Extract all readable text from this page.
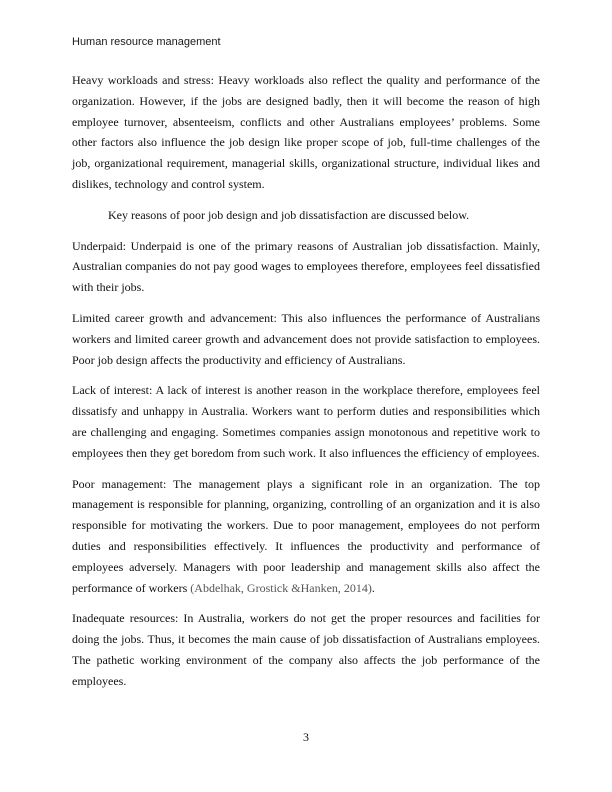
Human resource management

Heavy workloads and stress: Heavy workloads also reflect the quality and performance of the organization. However, if the jobs are designed badly, then it will become the reason of high employee turnover, absenteeism, conflicts and other Australians employees’ problems. Some other factors also influence the job design like proper scope of job, full-time challenges of the job, organizational requirement, managerial skills, organizational structure, individual likes and dislikes, technology and control system.

Key reasons of poor job design and job dissatisfaction are discussed below.

Underpaid: Underpaid is one of the primary reasons of Australian job dissatisfaction. Mainly, Australian companies do not pay good wages to employees therefore, employees feel dissatisfied with their jobs.

Limited career growth and advancement: This also influences the performance of Australians workers and limited career growth and advancement does not provide satisfaction to employees. Poor job design affects the productivity and efficiency of Australians.

Lack of interest: A lack of interest is another reason in the workplace therefore, employees feel dissatisfy and unhappy in Australia. Workers want to perform duties and responsibilities which are challenging and engaging. Sometimes companies assign monotonous and repetitive work to employees then they get boredom from such work. It also influences the efficiency of employees.

Poor management: The management plays a significant role in an organization. The top management is responsible for planning, organizing, controlling of an organization and it is also responsible for motivating the workers. Due to poor management, employees do not perform duties and responsibilities effectively. It influences the productivity and performance of employees adversely. Managers with poor leadership and management skills also affect the performance of workers (Abdelhak, Grostick &Hanken, 2014).

Inadequate resources: In Australia, workers do not get the proper resources and facilities for doing the jobs. Thus, it becomes the main cause of job dissatisfaction of Australians employees. The pathetic working environment of the company also affects the job performance of the employees.

3
